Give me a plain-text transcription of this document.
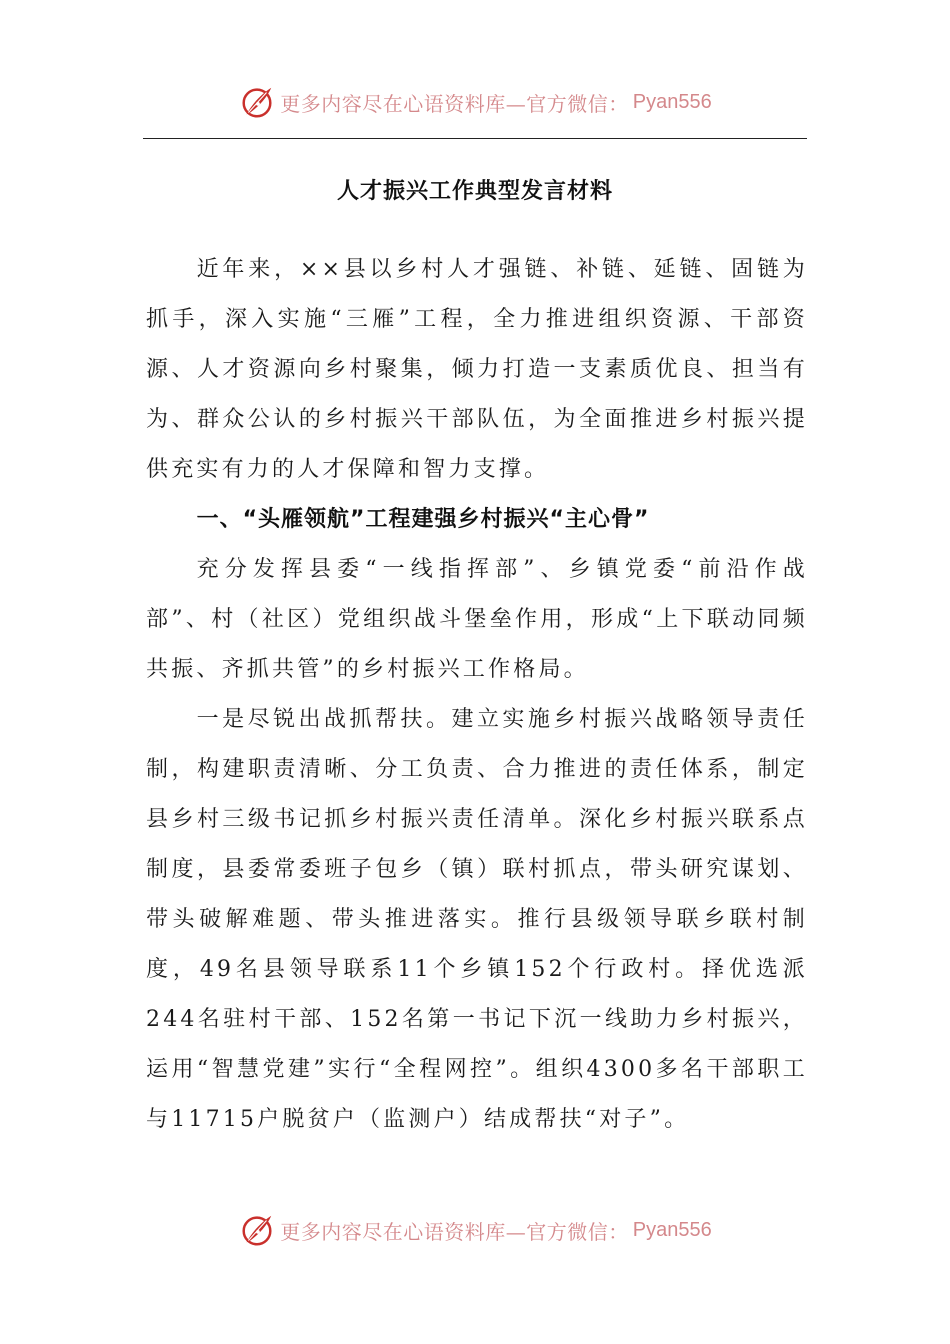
更多内容尽在心语资料库—官方微信： Pyan556
人才振兴工作典型发言材料

近年来，××县以乡村人才强链、补链、延链、固链为抓手，深入实施“三雁”工程，全力推进组织资源、干部资源、人才资源向乡村聚集，倾力打造一支素质优良、担当有为、群众公认的乡村振兴干部队伍，为全面推进乡村振兴提供充实有力的人才保障和智力支撑。

一、“头雁领航”工程建强乡村振兴“主心骨”

充分发挥县委“一线指挥部”、乡镇党委“前沿作战部”、村（社区）党组织战斗堡垒作用，形成“上下联动同频共振、齐抓共管”的乡村振兴工作格局。

一是尽锐出战抓帮扶。建立实施乡村振兴战略领导责任制，构建职责清晰、分工负责、合力推进的责任体系，制定县乡村三级书记抓乡村振兴责任清单。深化乡村振兴联系点制度，县委常委班子包乡（镇）联村抓点，带头研究谋划、带头破解难题、带头推进落实。推行县级领导联乡联村制度，49名县领导联系11个乡镇152个行政村。择优选派244名驻村干部、152名第一书记下沉一线助力乡村振兴，运用“智慧党建”实行“全程网控”。组织4300多名干部职工与11715户脱贫户（监测户）结成帮扶“对子”。

更多内容尽在心语资料库—官方微信： Pyan556
